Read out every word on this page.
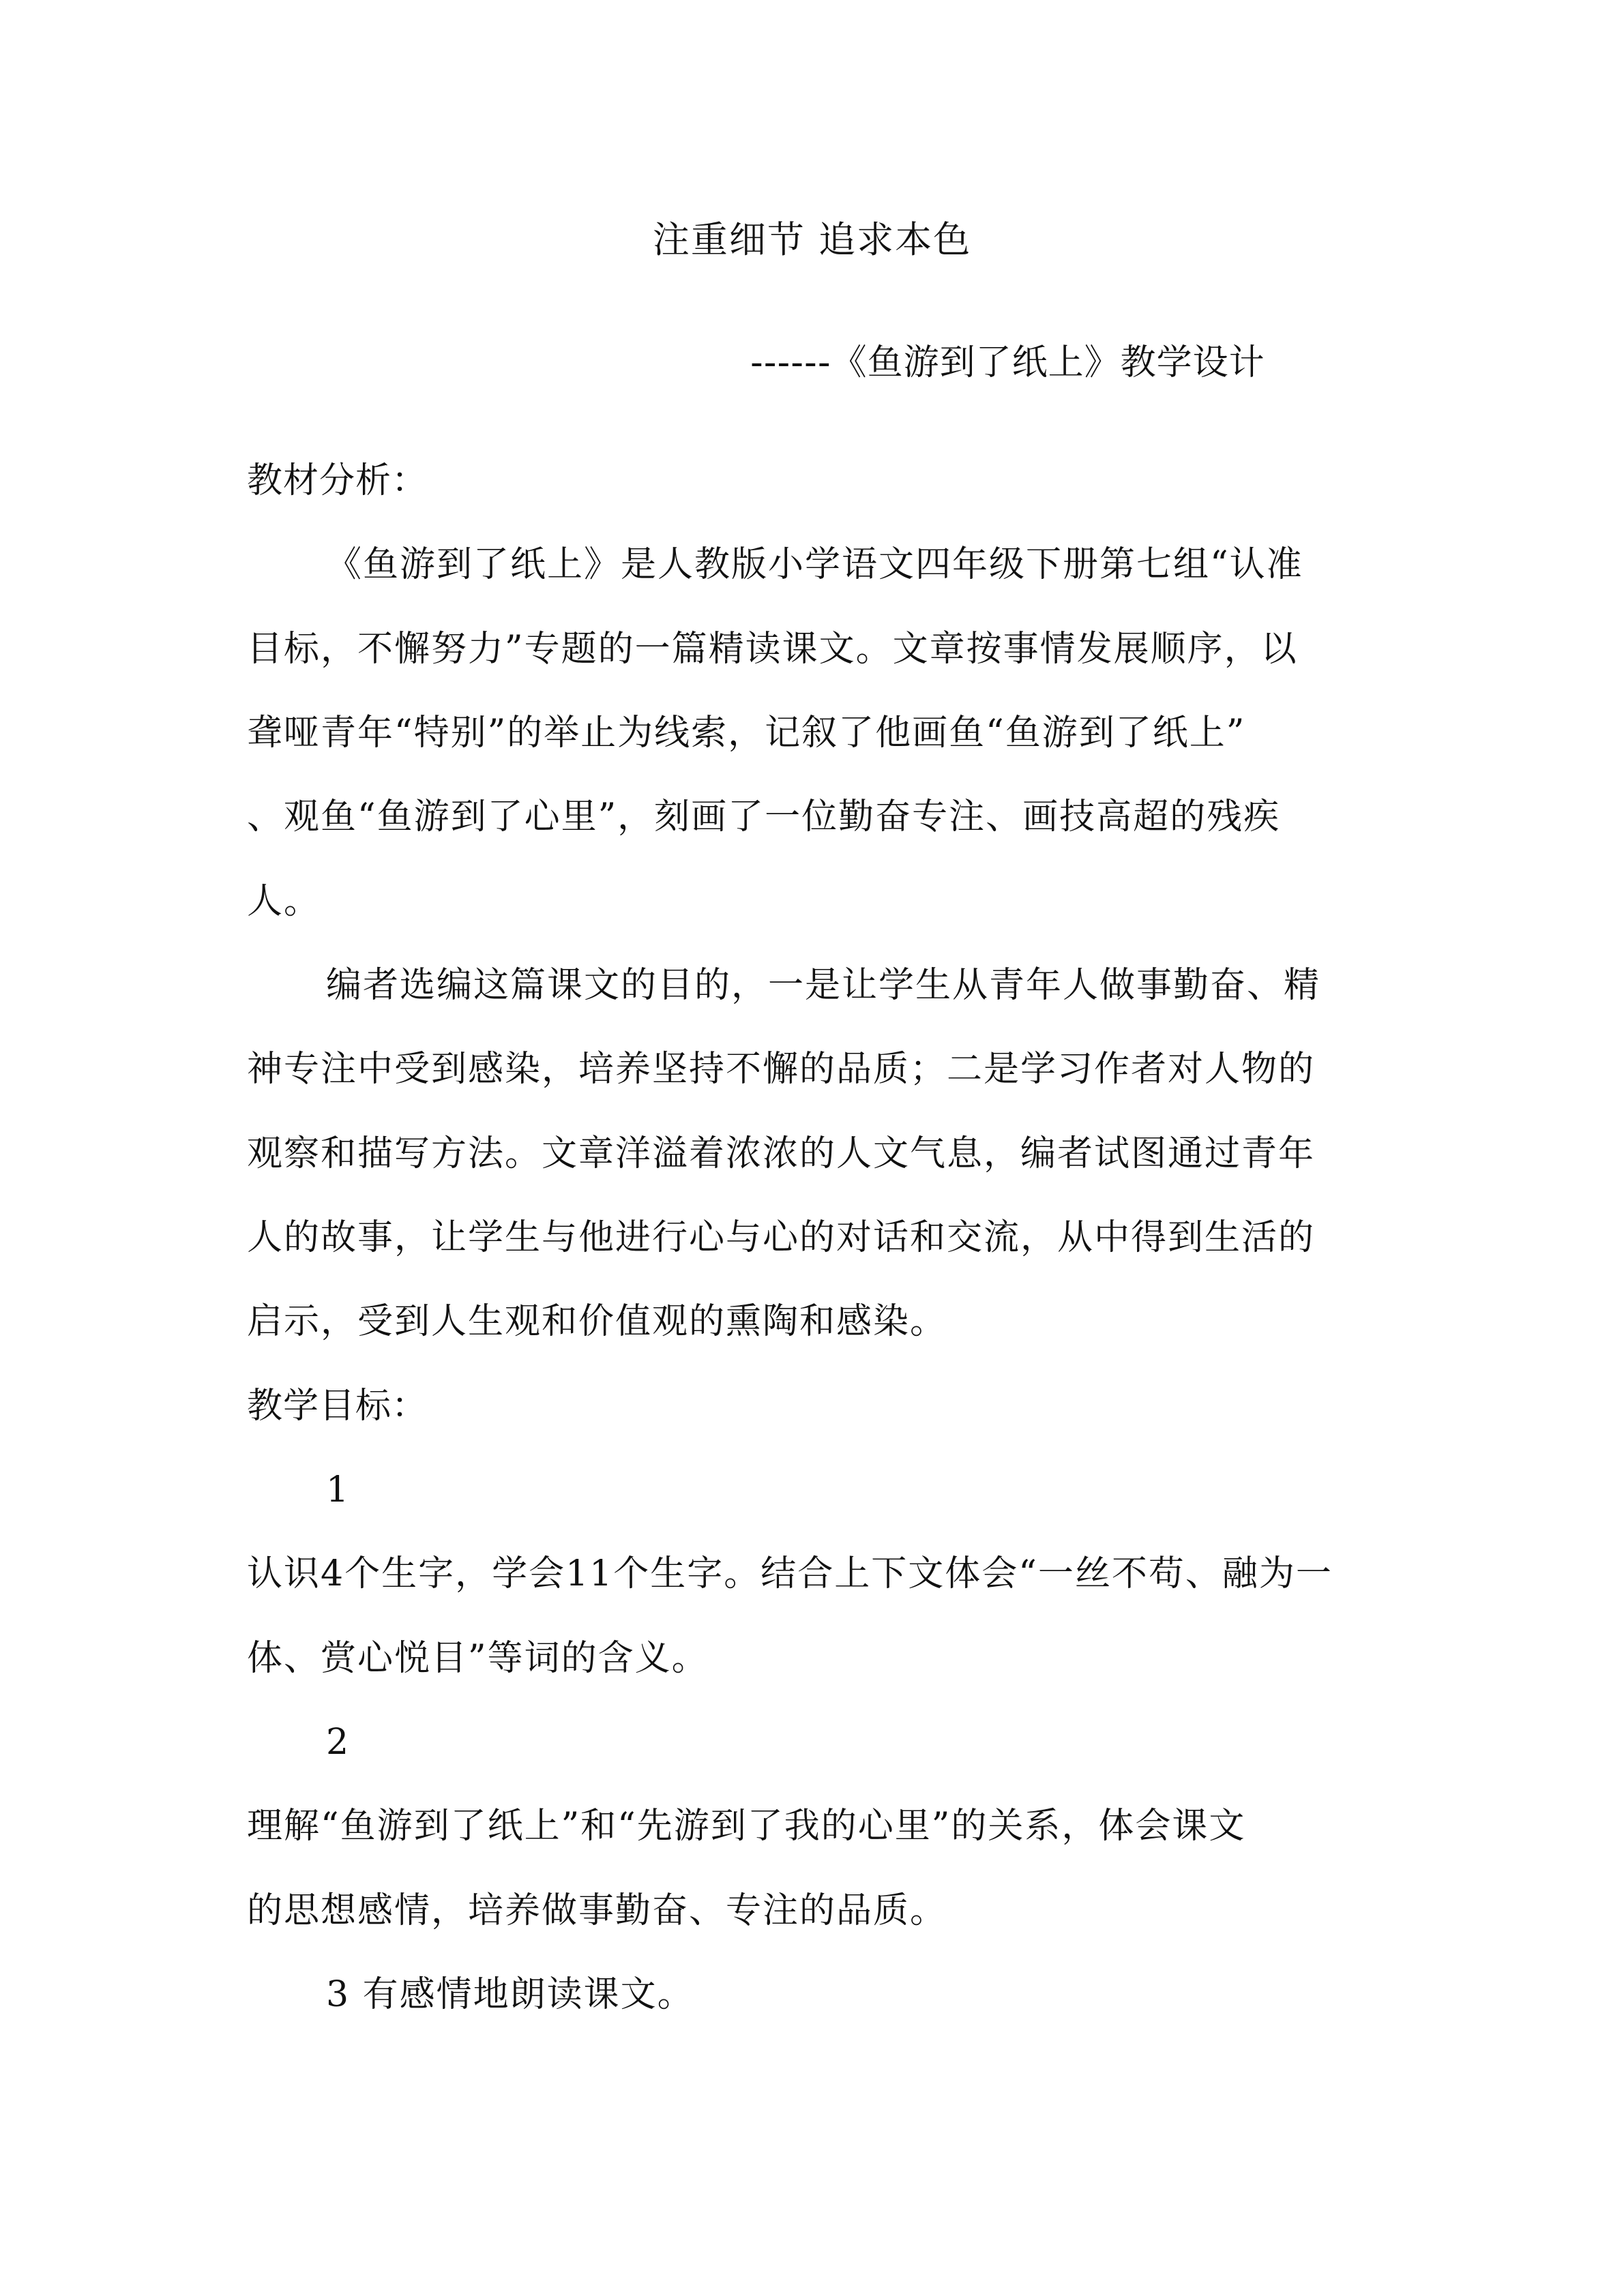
注重细节 追求本色
------《鱼游到了纸上》教学设计
教材分析：
《鱼游到了纸上》是人教版小学语文四年级下册第七组“认准
目标，不懈努力”专题的一篇精读课文。文章按事情发展顺序，以
聋哑青年“特别”的举止为线索，记叙了他画鱼“鱼游到了纸上”
、观鱼“鱼游到了心里”，刻画了一位勤奋专注、画技高超的残疾
人。
编者选编这篇课文的目的，一是让学生从青年人做事勤奋、精
神专注中受到感染，培养坚持不懈的品质；二是学习作者对人物的
观察和描写方法。文章洋溢着浓浓的人文气息，编者试图通过青年
人的故事，让学生与他进行心与心的对话和交流，从中得到生活的
启示，受到人生观和价值观的熏陶和感染。
教学目标：
1
认识4个生字，学会11个生字。结合上下文体会“一丝不苟、融为一
体、赏心悦目”等词的含义。
2
理解“鱼游到了纸上”和“先游到了我的心里”的关系，体会课文
的思想感情，培养做事勤奋、专注的品质。
3 有感情地朗读课文。
